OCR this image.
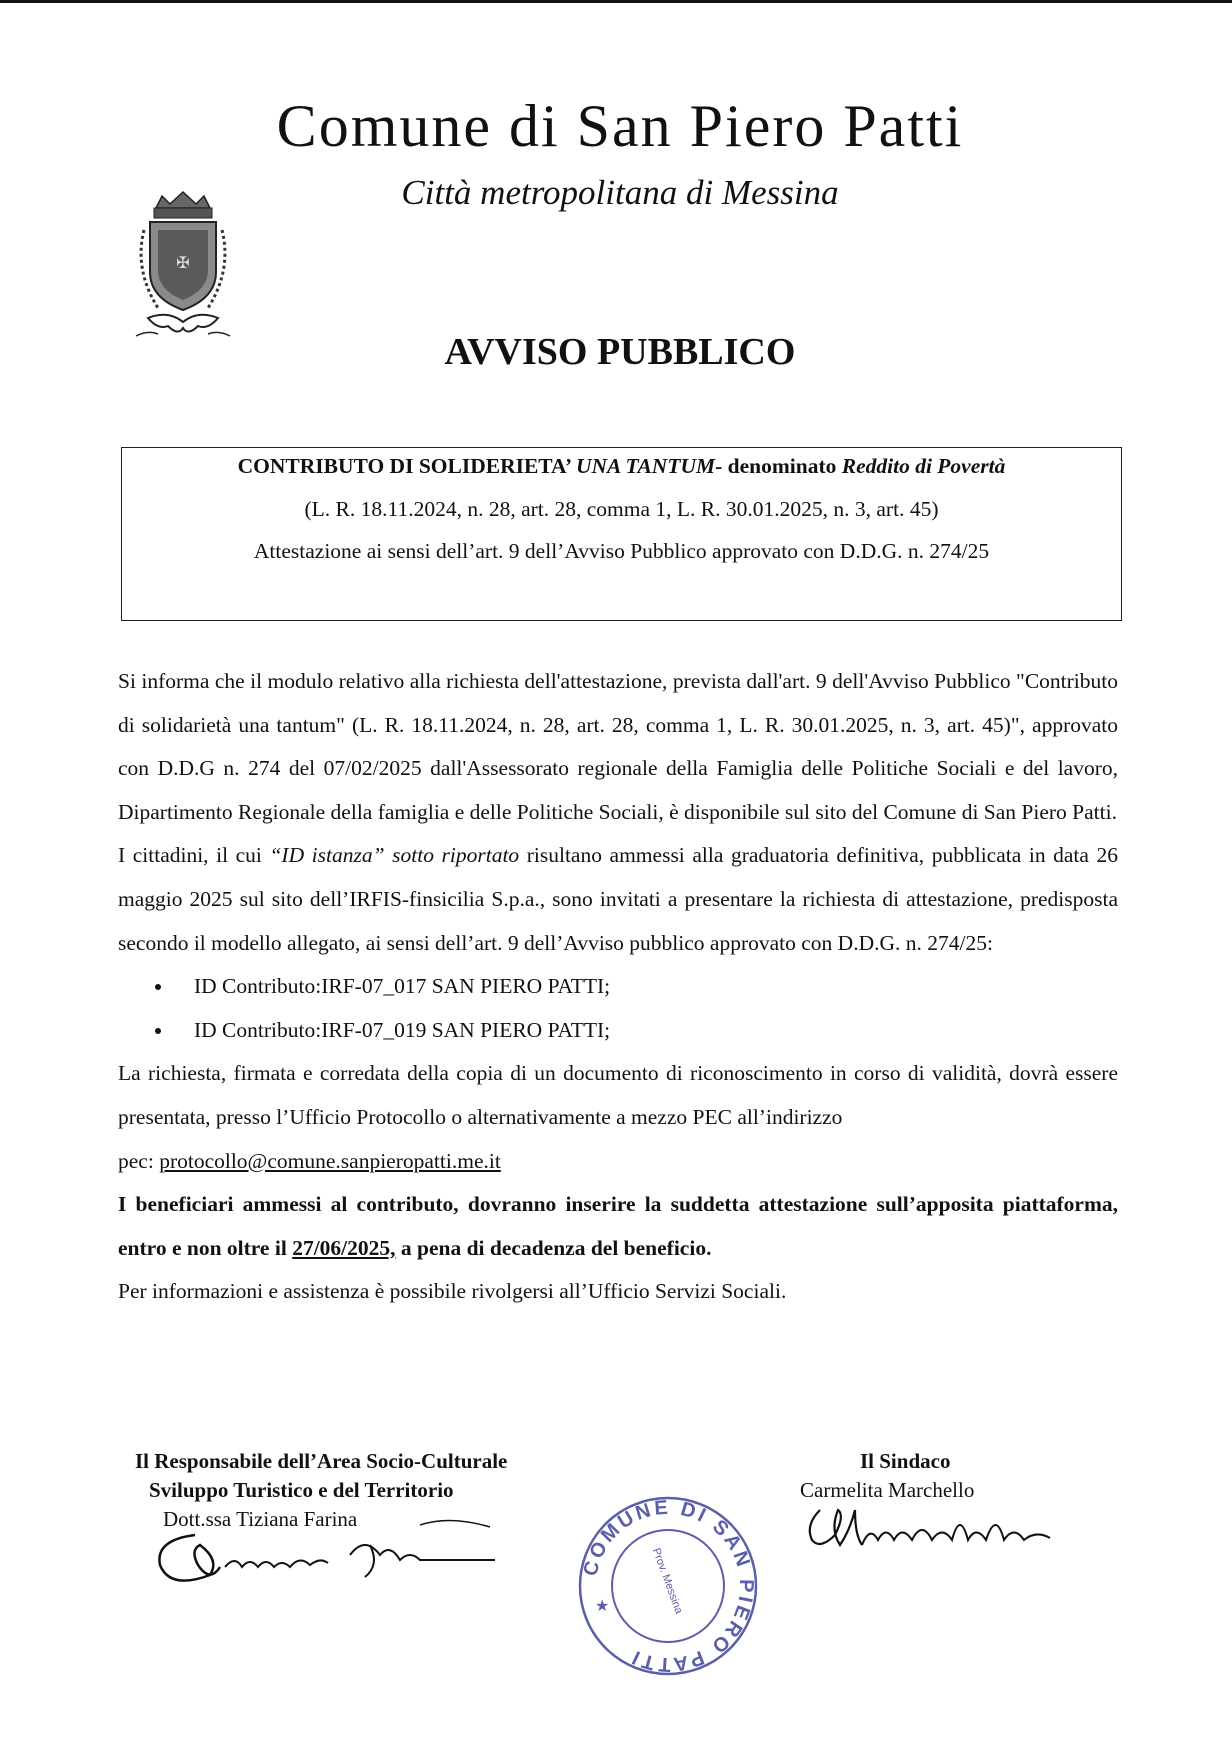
Comune di San Piero Patti
Città metropolitana di Messina
✠
AVVISO PUBBLICO
CONTRIBUTO DI SOLIDERIETA’ UNA TANTUM- denominato Reddito di Povertà
(L. R. 18.11.2024, n. 28, art. 28, comma 1, L. R. 30.01.2025, n. 3, art. 45)
Attestazione ai sensi dell’art. 9 dell’Avviso Pubblico approvato con D.D.G. n. 274/25

Si informa che il modulo relativo alla richiesta dell'attestazione, prevista dall'art. 9 dell'Avviso Pubblico "Contributo di solidarietà una tantum" (L. R. 18.11.2024, n. 28, art. 28, comma 1, L. R. 30.01.2025, n. 3, art. 45)", approvato con D.D.G n. 274 del 07/02/2025 dall'Assessorato regionale della Famiglia delle Politiche Sociali e del lavoro, Dipartimento Regionale della famiglia e delle Politiche Sociali, è disponibile sul sito del Comune di San Piero Patti.

I cittadini, il cui “ID istanza” sotto riportato risultano ammessi alla graduatoria definitiva, pubblicata in data 26 maggio 2025 sul sito dell’IRFIS-finsicilia S.p.a., sono invitati a presentare la richiesta di attestazione, predisposta secondo il modello allegato, ai sensi dell’art. 9 dell’Avviso pubblico approvato con D.D.G. n. 274/25:

• ID Contributo:IRF-07_017 SAN PIERO PATTI;
• ID Contributo:IRF-07_019 SAN PIERO PATTI;

La richiesta, firmata e corredata della copia di un documento di riconoscimento in corso di validità, dovrà essere presentata, presso l’Ufficio Protocollo o alternativamente a mezzo PEC all’indirizzo

pec: protocollo@comune.sanpieropatti.me.it

I beneficiari ammessi al contributo, dovranno inserire la suddetta attestazione sull’apposita piattaforma, entro e non oltre il 27/06/2025, a pena di decadenza del beneficio.

Per informazioni e assistenza è possibile rivolgersi all’Ufficio Servizi Sociali.

Il Responsabile dell’Area Socio-Culturale
Sviluppo Turistico e del Territorio
Dott.ssa Tiziana Farina
Il Sindaco
Carmelita Marchello
COMUNE DI SAN PIERO PATTI
Prov. Messina
★
